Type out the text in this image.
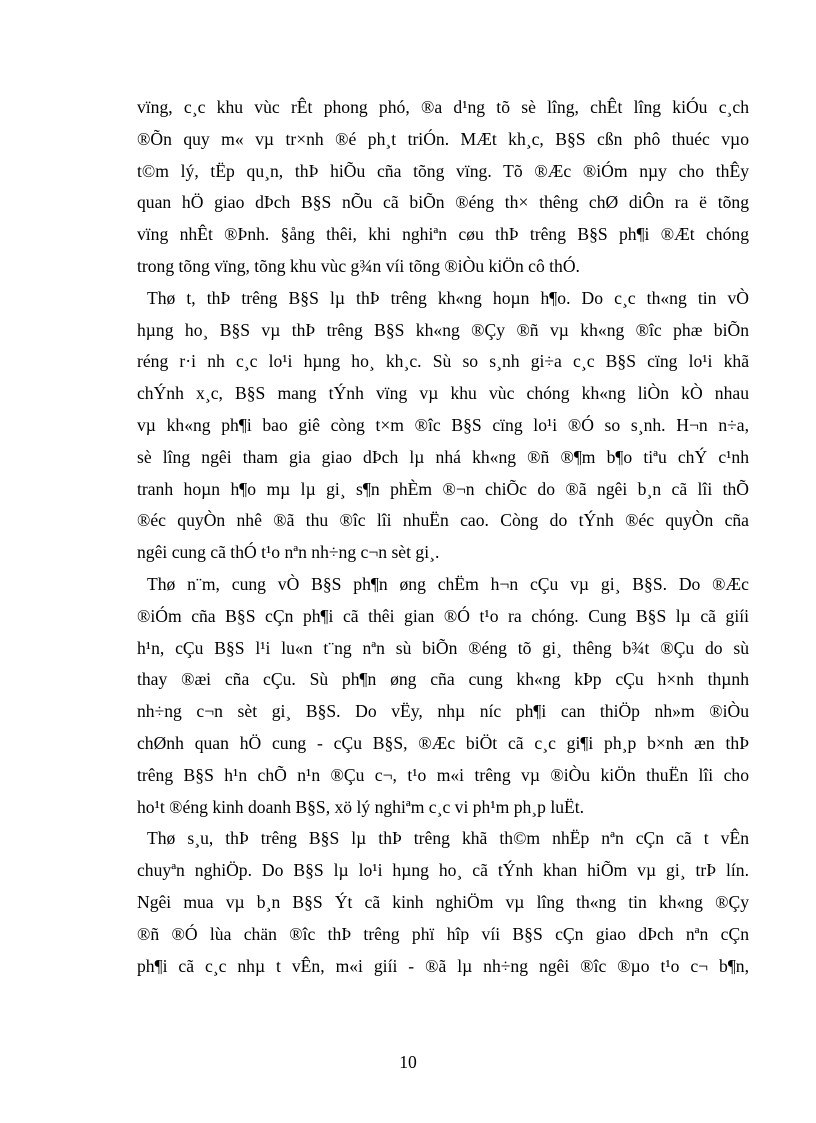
vïng, c¸c khu vùc rÊt phong phó, ®a d¹ng tõ sè lîng, chÊt lîng kiÓu c¸ch
®Õn quy m« vµ tr×nh ®é ph¸t triÓn. MÆt kh¸c, B§S cßn phô thuéc vµo
t©m lý, tËp qu¸n, thÞ hiÕu cña tõng vïng. Tõ ®Æc ®iÓm nµy cho thÊy
quan hÖ giao dÞch B§S nÕu cã biÕn ®éng th× thêng chØ diÔn ra ë tõng
vïng nhÊt ®Þnh. §ång thêi, khi nghiªn cøu thÞ trêng B§S ph¶i ®Æt chóng
trong tõng vïng, tõng khu vùc g¾n víi tõng ®iÒu kiÖn cô thÓ.
Thø t, thÞ trêng B§S lµ thÞ trêng kh«ng hoµn h¶o. Do c¸c th«ng tin vÒ
hµng ho¸ B§S vµ thÞ trêng B§S kh«ng ®Çy ®ñ vµ kh«ng ®îc phæ biÕn
réng r·i nh c¸c lo¹i hµng ho¸ kh¸c. Sù so s¸nh gi÷a c¸c B§S cïng lo¹i khã
chÝnh x¸c, B§S mang tÝnh vïng vµ khu vùc chóng kh«ng liÒn kÒ nhau
vµ kh«ng ph¶i bao giê còng t×m ®îc B§S cïng lo¹i ®Ó so s¸nh. H¬n n÷a,
sè lîng ngêi tham gia giao dÞch lµ nhá kh«ng ®ñ ®¶m b¶o tiªu chÝ c¹nh
tranh hoµn h¶o mµ lµ gi¸ s¶n phÈm ®¬n chiÕc do ®ã ngêi b¸n cã lîi thÕ
®éc quyÒn nhê ®ã thu ®îc lîi nhuËn cao. Còng do tÝnh ®éc quyÒn cña
ngêi cung cã thÓ t¹o nªn nh÷ng c¬n sèt gi¸.
Thø n¨m, cung vÒ B§S ph¶n øng chËm h¬n cÇu vµ gi¸ B§S. Do ®Æc
®iÓm cña B§S cÇn ph¶i cã thêi gian ®Ó t¹o ra chóng. Cung B§S lµ cã giíi
h¹n, cÇu B§S l¹i lu«n t¨ng nªn sù biÕn ®éng tõ gi¸ thêng b¾t ®Çu do sù
thay ®æi cña cÇu. Sù ph¶n øng cña cung kh«ng kÞp cÇu h×nh thµnh
nh÷ng c¬n sèt gi¸ B§S. Do vËy, nhµ níc ph¶i can thiÖp nh»m ®iÒu
chØnh quan hÖ cung - cÇu B§S, ®Æc biÖt cã c¸c gi¶i ph¸p b×nh æn thÞ
trêng B§S h¹n chÕ n¹n ®Çu c¬, t¹o m«i trêng vµ ®iÒu kiÖn thuËn lîi cho
ho¹t ®éng kinh doanh B§S, xö lý nghiªm c¸c vi ph¹m ph¸p luËt.
Thø s¸u, thÞ trêng B§S lµ thÞ trêng khã th©m nhËp nªn cÇn cã t vÊn
chuyªn nghiÖp. Do B§S lµ lo¹i hµng ho¸ cã tÝnh khan hiÕm vµ gi¸ trÞ lín.
Ngêi mua vµ b¸n B§S Ýt cã kinh nghiÖm vµ lîng th«ng tin kh«ng ®Çy
®ñ ®Ó lùa chän ®îc thÞ trêng phï hîp víi B§S cÇn giao dÞch nªn cÇn
ph¶i cã c¸c nhµ t vÊn, m«i giíi - ®ã lµ nh÷ng ngêi ®îc ®µo t¹o c¬ b¶n,
10
